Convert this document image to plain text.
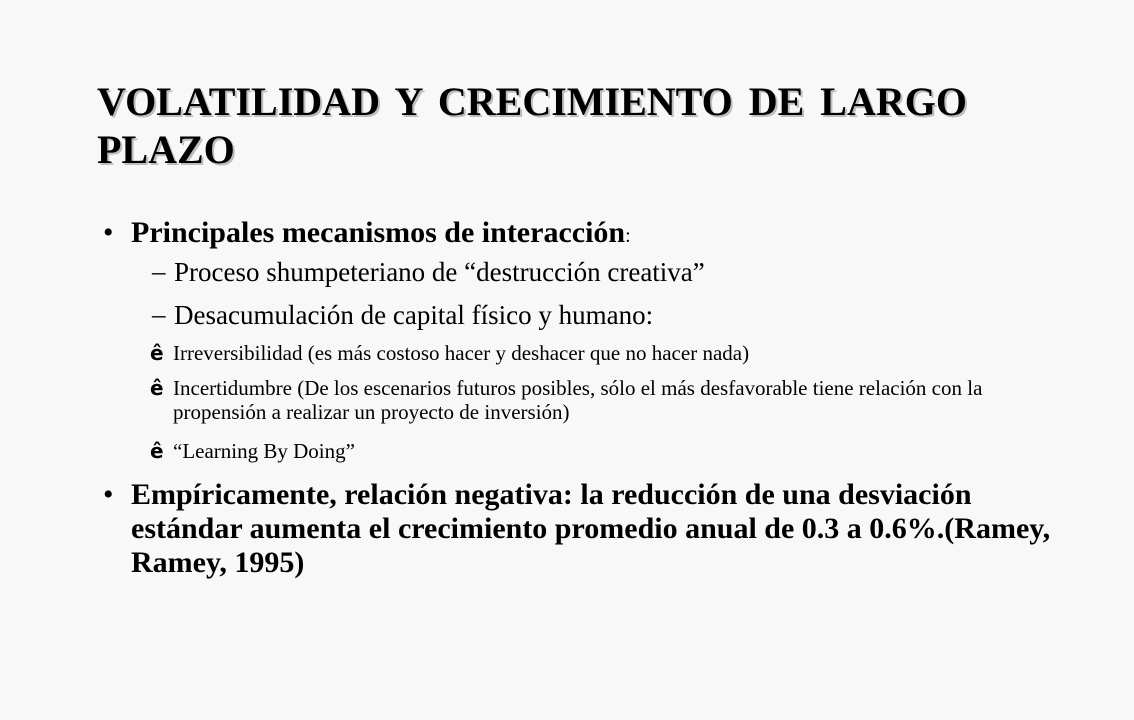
VOLATILIDAD Y CRECIMIENTO DE LARGO PLAZO
• Principales mecanismos de interacción:
– Proceso shumpeteriano de “destrucción creativa”
– Desacumulación de capital físico y humano:
ê Irreversibilidad (es más costoso hacer y deshacer que no hacer nada)
ê Incertidumbre (De los escenarios futuros posibles, sólo el más desfavorable tiene relación con la propensión a realizar un proyecto de inversión)
ê “Learning By Doing”
• Empíricamente, relación negativa: la reducción de una desviación estándar aumenta el crecimiento promedio anual de 0.3 a 0.6%.(Ramey, Ramey, 1995)
